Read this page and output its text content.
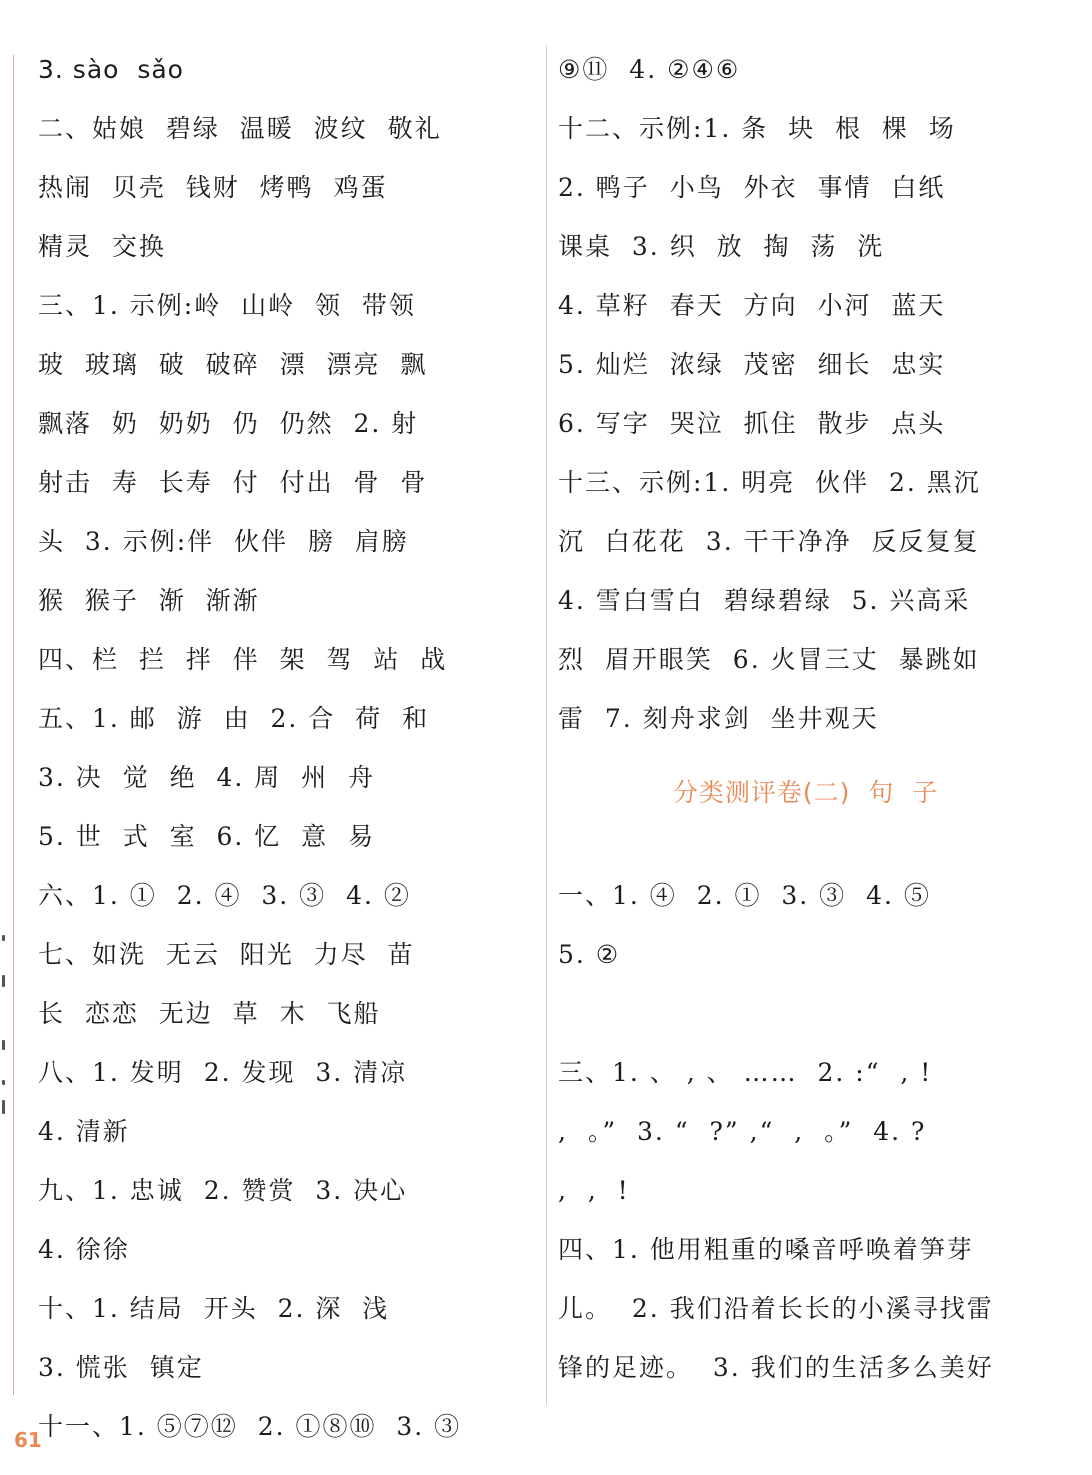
3. sào  sǎo
二、姑娘  碧绿  温暖  波纹  敬礼
热闹  贝壳  钱财  烤鸭  鸡蛋
精灵  交换
三、1. 示例:岭  山岭  领  带领
玻  玻璃  破  破碎  漂  漂亮  飘
飘落  奶  奶奶  仍  仍然  2. 射
射击  寿  长寿  付  付出  骨  骨
头  3. 示例:伴  伙伴  膀  肩膀
猴  猴子  渐  渐渐
四、栏  拦  拌  伴  架  驾  站  战
五、1. 邮  游  由  2. 合  荷  和
3. 决  觉  绝  4. 周  州  舟
5. 世  式  室  6. 忆  意  易
六、1. ①  2. ④  3. ③  4. ②
七、如洗  无云  阳光  力尽  苗
长  恋恋  无边  草  木  飞船
八、1. 发明  2. 发现  3. 清凉
4. 清新
九、1. 忠诚  2. 赞赏  3. 决心
4. 徐徐
十、1. 结局  开头  2. 深  浅
3. 慌张  镇定
十一、1. ⑤⑦⑫  2. ①⑧⑩  3. ③
⑨⑪  4. ②④⑥
十二、示例:1. 条  块  根  棵  场
2. 鸭子  小鸟  外衣  事情  白纸
课桌  3. 织  放  掏  荡  洗
4. 草籽  春天  方向  小河  蓝天
5. 灿烂  浓绿  茂密  细长  忠实
6. 写字  哭泣  抓住  散步  点头
十三、示例:1. 明亮  伙伴  2. 黑沉
沉  白花花  3. 干干净净  反反复复
4. 雪白雪白  碧绿碧绿  5. 兴高采
烈  眉开眼笑  6. 火冒三丈  暴跳如
雷  7. 刻舟求剑  坐井观天
分类测评卷(二)  句  子
一、1. ④  2. ①  3. ③  4. ⑤
5. ②

三、1. 、 , 、 ……  2. :“  , !
,  。”  3. “  ?” ,“  ,  。”  4. ?
,  ,  !
四、1. 他用粗重的嗓音呼唤着笋芽
儿。  2. 我们沿着长长的小溪寻找雷
锋的足迹。  3. 我们的生活多么美好
61
